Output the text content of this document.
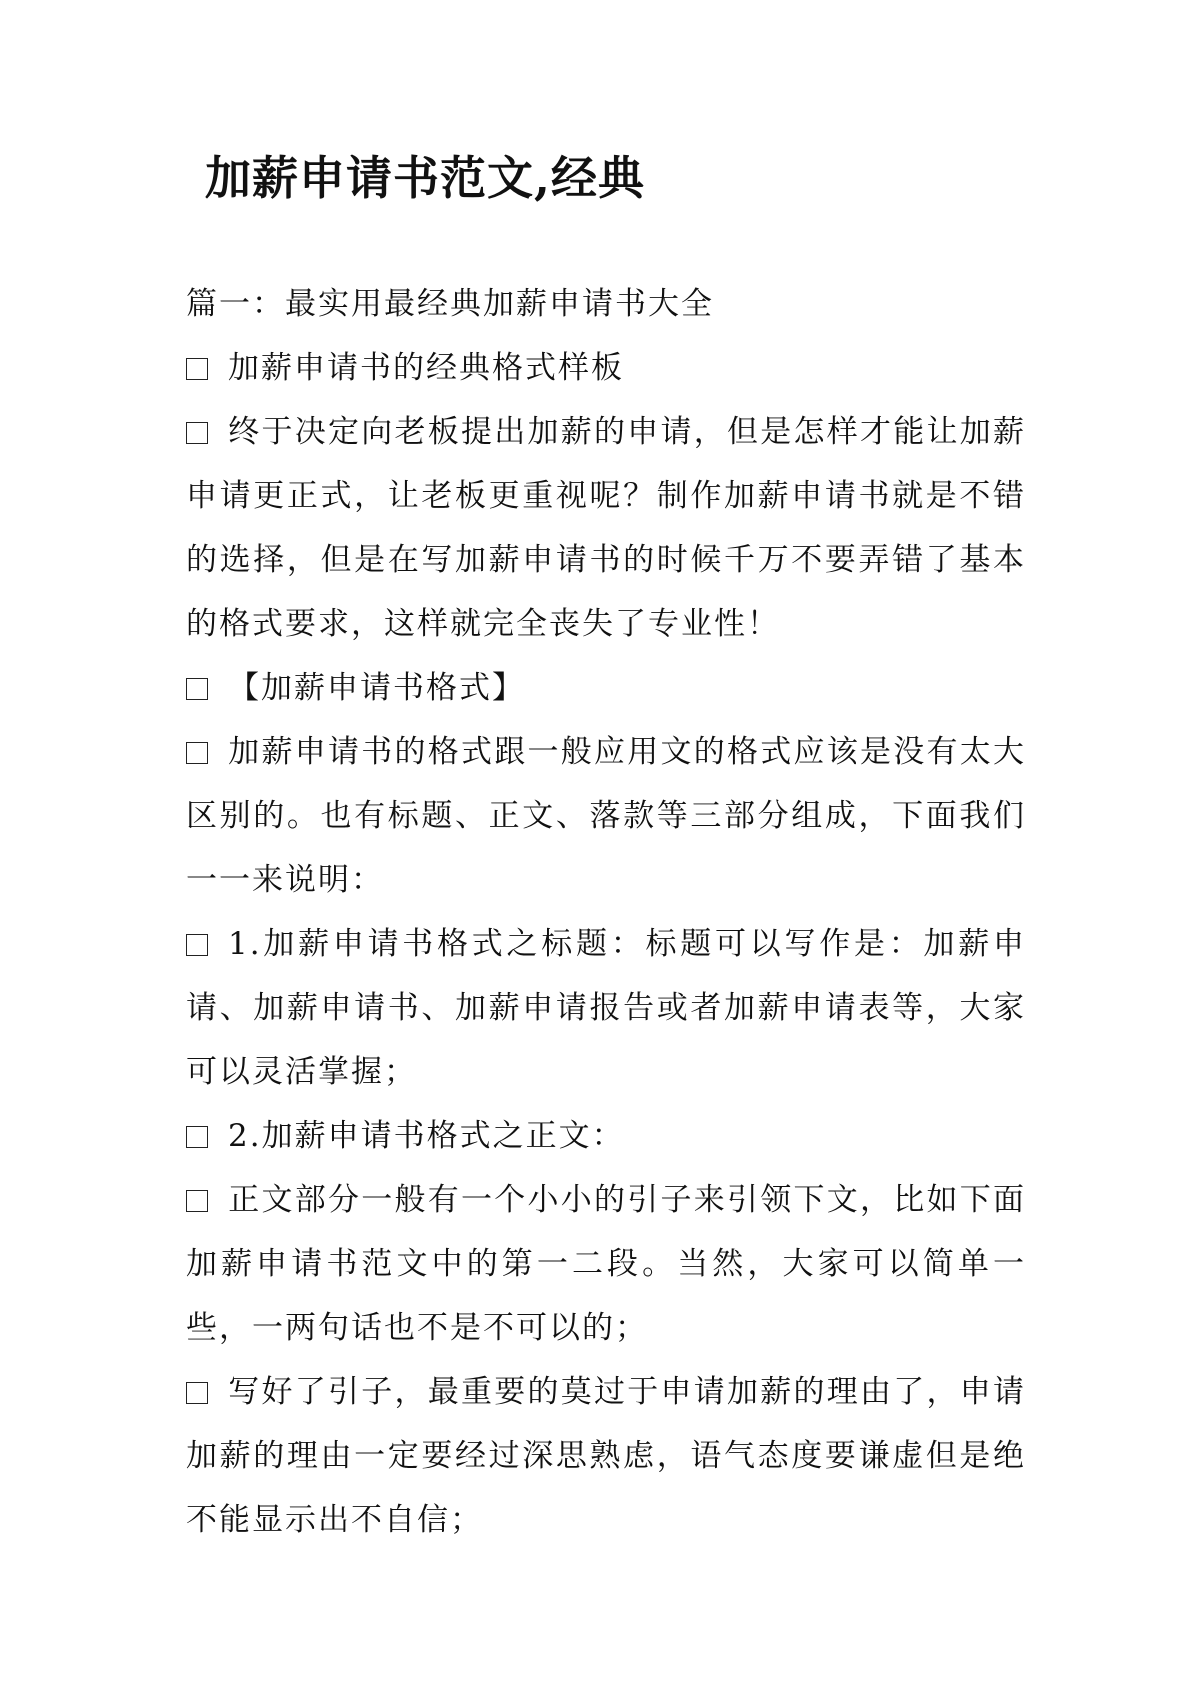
加薪申请书范文,经典

篇一：最实用最经典加薪申请书大全

加薪申请书的经典格式样板

终于决定向老板提出加薪的申请，但是怎样才能让加薪申请更正式，让老板更重视呢？制作加薪申请书就是不错的选择，但是在写加薪申请书的时候千万不要弄错了基本的格式要求，这样就完全丧失了专业性！

【加薪申请书格式】

加薪申请书的格式跟一般应用文的格式应该是没有太大区别的。也有标题、正文、落款等三部分组成，下面我们一一来说明：

1.加薪申请书格式之标题：标题可以写作是：加薪申请、加薪申请书、加薪申请报告或者加薪申请表等，大家可以灵活掌握；

2.加薪申请书格式之正文：

正文部分一般有一个小小的引子来引领下文，比如下面加薪申请书范文中的第一二段。当然，大家可以简单一些，一两句话也不是不可以的；

写好了引子，最重要的莫过于申请加薪的理由了，申请加薪的理由一定要经过深思熟虑，语气态度要谦虚但是绝不能显示出不自信；
